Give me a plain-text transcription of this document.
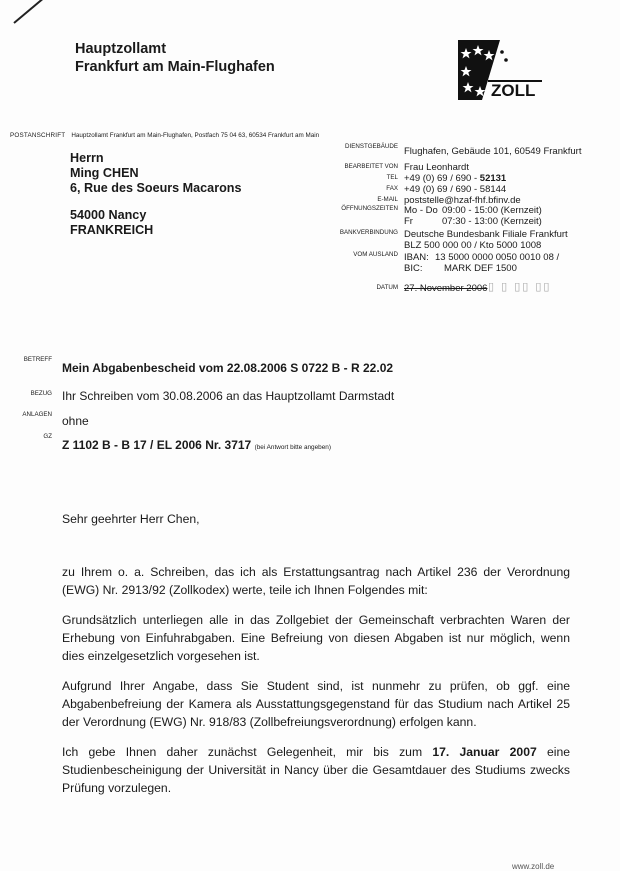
Hauptzollamt
Frankfurt am Main-Flughafen
ZOLL
POSTANSCHRIFT Hauptzollamt Frankfurt am Main-Flughafen, Postfach 75 04 63, 60534 Frankfurt am Main
Herrn
Ming CHEN
6, Rue des Soeurs Macarons
54000 Nancy
FRANKREICH
DIENSTGEBÄUDE
BEARBEITET VON
TEL
FAX
E-MAIL
ÖFFNUNGSZEITEN
BANKVERBINDUNG
VOM AUSLAND
DATUM
Flughafen, Gebäude 101, 60549 Frankfurt
Frau Leonhardt
+49 (0) 69 / 690 - 52131
+49 (0) 69 / 690 - 58144
poststelle@hzaf-fhf.bfinv.de
Mo - Do 09:00 - 15:00 (Kernzeit)
Fr	07:30 - 13:00 (Kernzeit)
Deutsche Bundesbank Filiale Frankfurt
BLZ 500 000 00 / Kto 5000 1008
IBAN: 13 5000 0000 0050 0010 08 /
BIC: MARK DEF 1500
27. November 2006 ▯ ▯ ▯▯ ▯▯
BETREFF
Mein Abgabenbescheid vom 22.08.2006 S 0722 B - R 22.02
BEZUG Ihr Schreiben vom 30.08.2006 an das Hauptzollamt Darmstadt
ANLAGEN ohne
GZ
Z 1102 B - B 17 / EL 2006 Nr. 3717 (bei Antwort bitte angeben)
Sehr geehrter Herr Chen,
zu Ihrem o. a. Schreiben, das ich als Erstattungsantrag nach Artikel 236 der Verordnung (EWG) Nr. 2913/92 (Zollkodex) werte, teile ich Ihnen Folgendes mit:
Grundsätzlich unterliegen alle in das Zollgebiet der Gemeinschaft verbrachten Waren der Erhebung von Einfuhrabgaben. Eine Befreiung von diesen Abgaben ist nur möglich, wenn dies einzelgesetzlich vorgesehen ist.
Aufgrund Ihrer Angabe, dass Sie Student sind, ist nunmehr zu prüfen, ob ggf. eine Abgabenbefreiung der Kamera als Ausstattungsgegenstand für das Studium nach Artikel 25 der Verordnung (EWG) Nr. 918/83 (Zollbefreiungsverordnung) erfolgen kann.
Ich gebe Ihnen daher zunächst Gelegenheit, mir bis zum 17. Januar 2007 eine Studienbescheinigung der Universität in Nancy über die Gesamtdauer des Studiums zwecks Prüfung vorzulegen.
www.zoll.de
